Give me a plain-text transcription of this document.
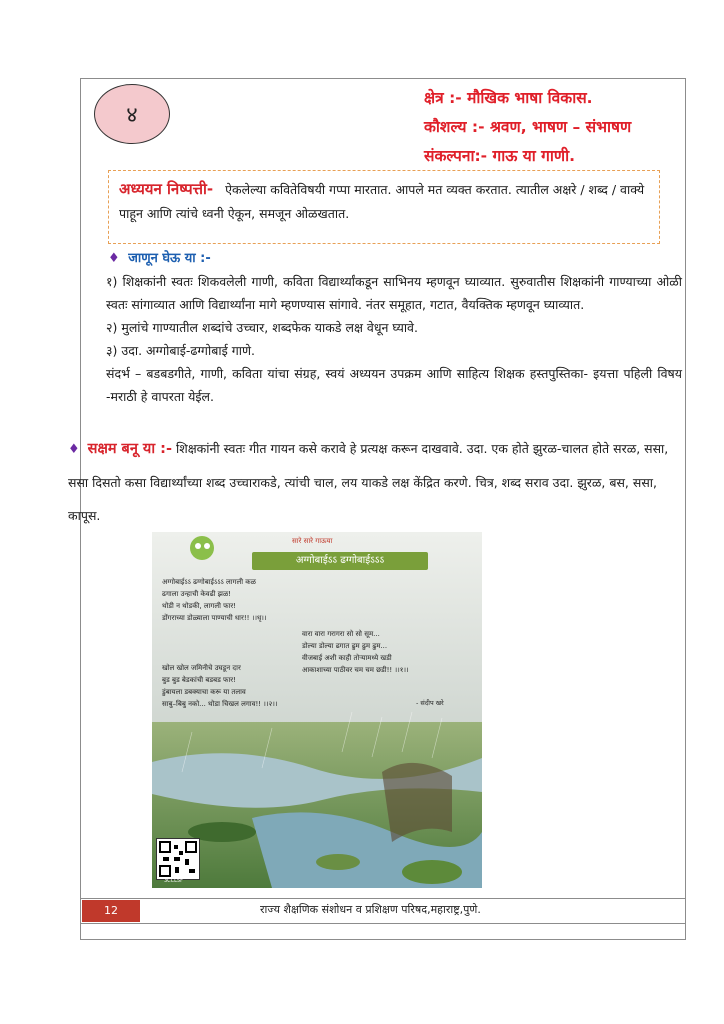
४
क्षेत्र :- मौखिक भाषा विकास.
कौशल्य :- श्रवण, भाषण – संभाषण
संकल्पना:- गाऊ या गाणी.
अध्ययन निष्पत्ती- ऐकलेल्या कवितेविषयी गप्पा मारतात. आपले मत व्यक्त करतात. त्यातील अक्षरे / शब्द / वाक्ये पाहून आणि त्यांचे ध्वनी ऐकून, समजून ओळखतात.
♦ जाणून घेऊ या :-

१) शिक्षकांनी स्वतः शिकवलेली गाणी, कविता विद्यार्थ्यांकडून साभिनय म्हणवून घ्याव्यात. सुरुवातीस शिक्षकांनी गाण्याच्या ओळी स्वतः सांगाव्यात आणि विद्यार्थ्यांना मागे म्हणण्यास सांगावे. नंतर समूहात, गटात, वैयक्तिक म्हणवून घ्याव्यात.

२) मुलांचे गाण्यातील शब्दांचे उच्चार, शब्दफेक याकडे लक्ष वेधून घ्यावे.

३) उदा. अग्गोबाई-ढग्गोबाई गाणे.

संदर्भ – बडबडगीते, गाणी, कविता यांचा संग्रह, स्वयं अध्ययन उपक्रम आणि साहित्य शिक्षक हस्तपुस्तिका- इयत्ता पहिली विषय -मराठी हे वापरता येईल.

♦ सक्षम बनू या :- शिक्षकांनी स्वतः गीत गायन कसे करावे हे प्रत्यक्ष करून दाखवावे. उदा. एक होते झुरळ-चालत होते सरळ, ससा, ससा दिसतो कसा विद्यार्थ्यांच्या शब्द उच्चाराकडे, त्यांची चाल, लय याकडे लक्ष केंद्रित करणे. चित्र, शब्द सराव उदा. झुरळ, बस, ससा, कापूस.
सारे सारे गाऊया
अग्गोबाईऽऽ ढग्गोबाईऽऽऽ
अग्गोबाईऽऽ ढग्गोबाईऽऽऽ लागली कळ
ढगाला उन्हाची केवढी झळ!
थोडी न थोडकी, लागली फार!
डोंगराच्या डोळ्याला पाण्याची धार!! ।।धृ।।
वारा वारा गरागरा सो सो सूम...
डोल्या डोल्या ढगात ढुम ढुम ढुम...
वीजबाई अशी काही तोऱ्यामध्ये खडी
आकाशाच्या पाठीवर चम चम छडी!! ।।१।।
खोल खोल जमिनीचे उघडून दार
बुड बुड बेडकांची बडबड फार!
डुंबायला डबक्याचा करू या तलाव
साबु–बिबु नको... थोडा चिखल लगाव!! ।।२।।	- संदीप खरे
3CCL5F
12	राज्य शैक्षणिक संशोधन व प्रशिक्षण परिषद,महाराष्ट्र,पुणे.
